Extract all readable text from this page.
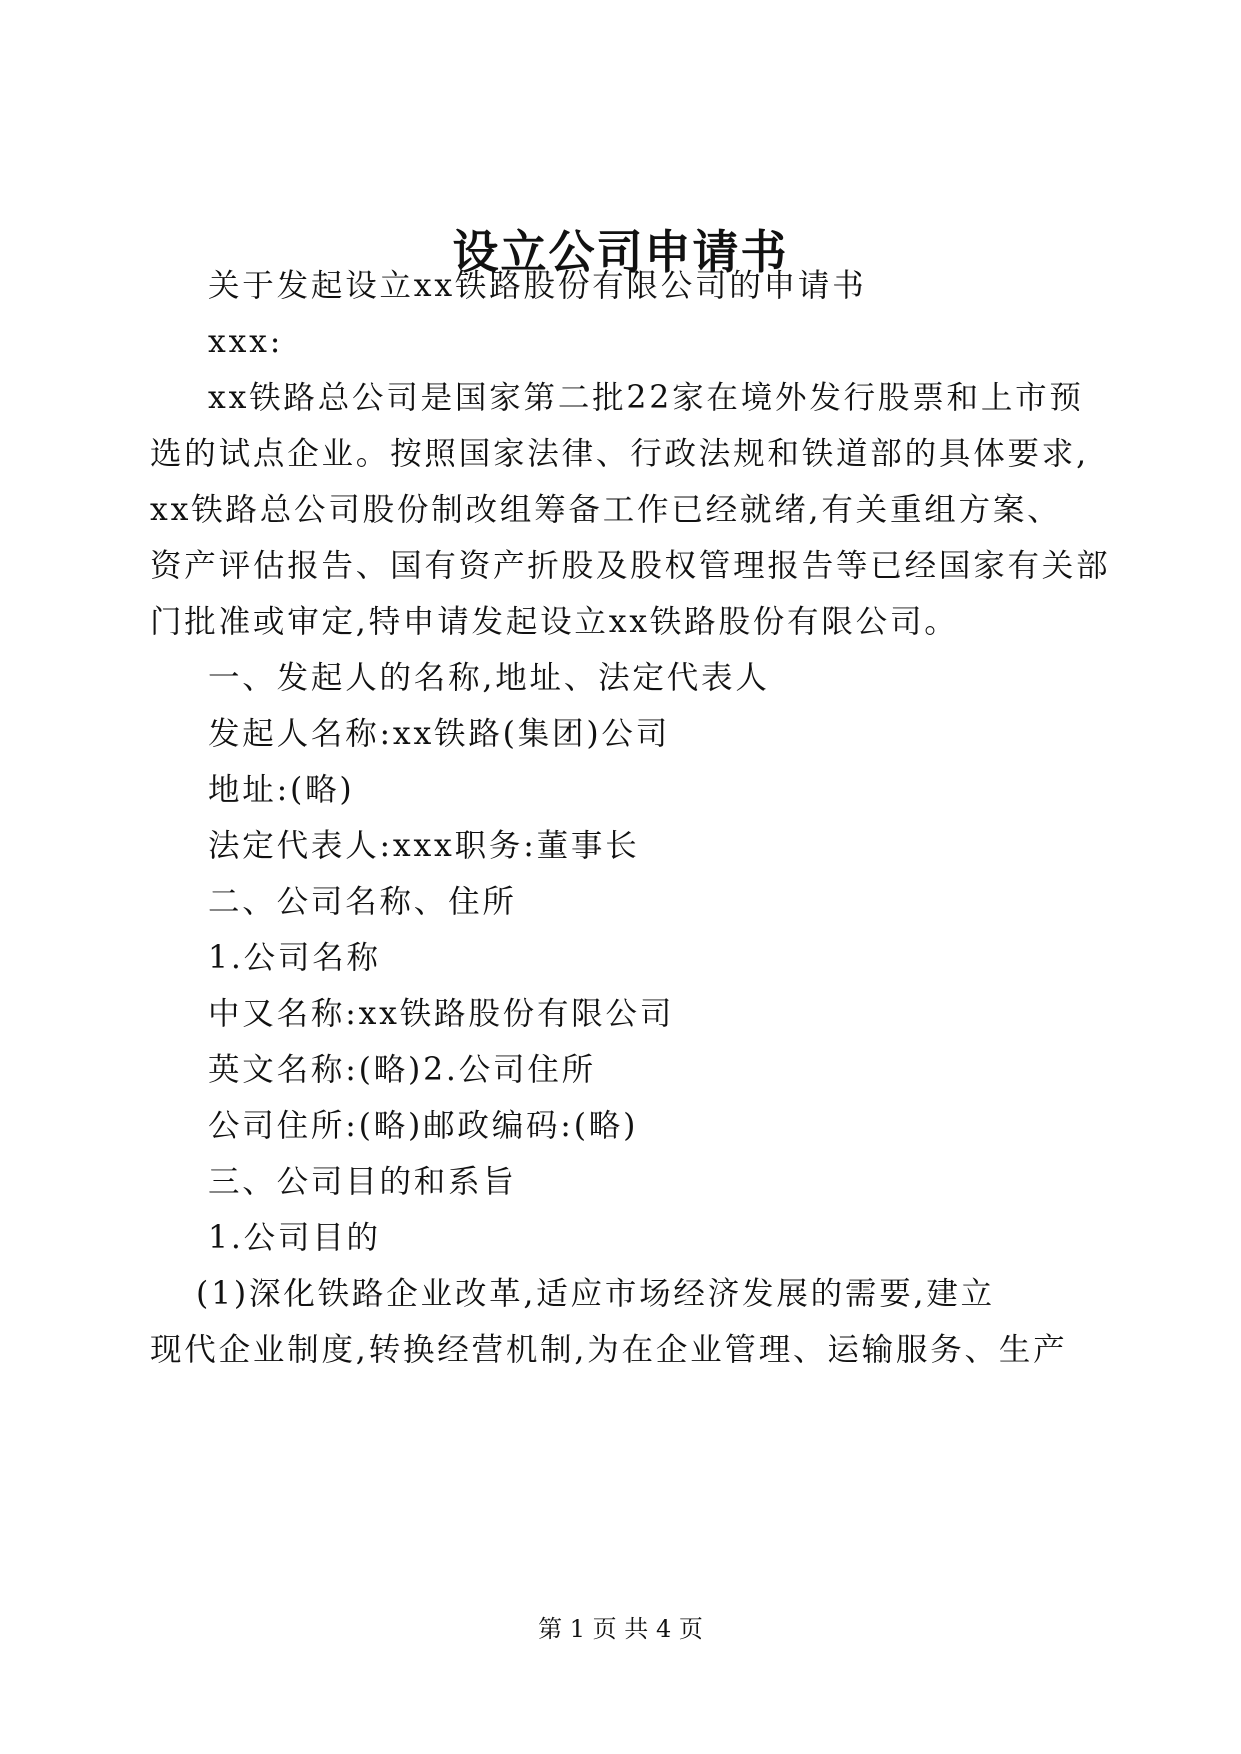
设立公司申请书
关于发起设立xx铁路股份有限公司的申请书
xxx:
xx铁路总公司是国家第二批22家在境外发行股票和上市预
选的试点企业。按照国家法律、行政法规和铁道部的具体要求,
xx铁路总公司股份制改组筹备工作已经就绪,有关重组方案、
资产评估报告、国有资产折股及股权管理报告等已经国家有关部
门批准或审定,特申请发起设立xx铁路股份有限公司。
一、发起人的名称,地址、法定代表人
发起人名称:xx铁路(集团)公司
地址:(略)
法定代表人:xxx职务:董事长
二、公司名称、住所
1.公司名称
中又名称:xx铁路股份有限公司
英文名称:(略)2.公司住所
公司住所:(略)邮政编码:(略)
三、公司目的和系旨
1.公司目的
(1)深化铁路企业改革,适应市场经济发展的需要,建立
现代企业制度,转换经营机制,为在企业管理、运输服务、生产
第 1 页 共 4 页
